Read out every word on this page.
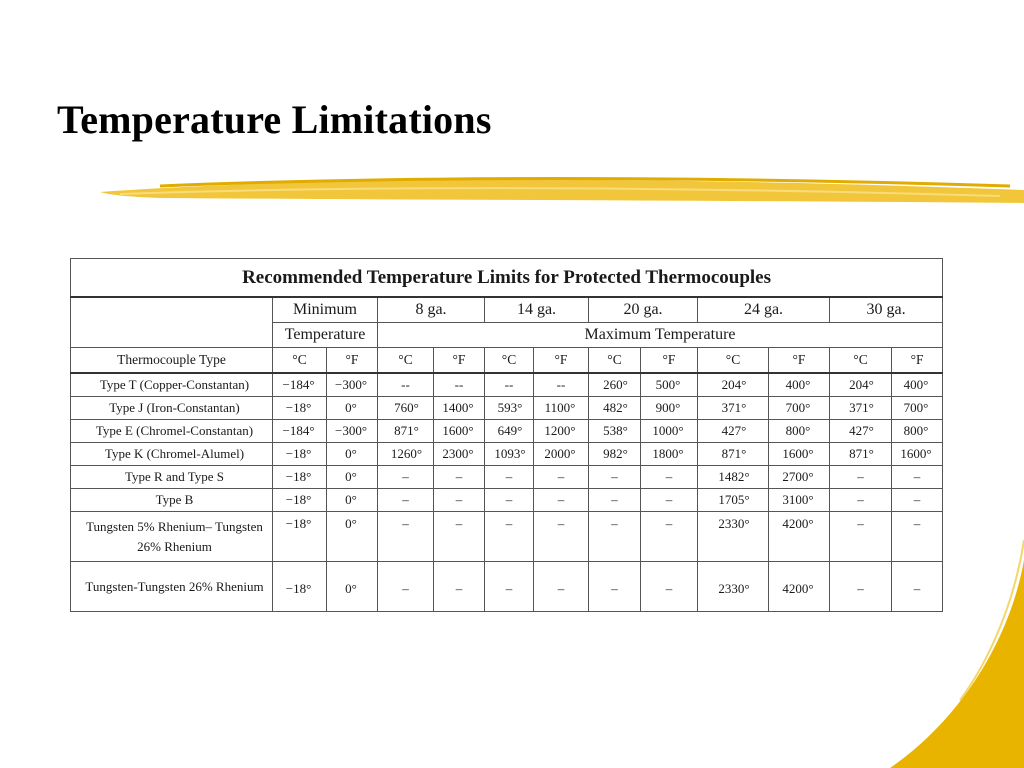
Temperature Limitations
Recommended Temperature Limits for Protected Thermocouples												
	Minimum		8 ga.		14 ga.		20 ga.		24 ga.		30 ga.	
	Temperature		Maximum Temperature									
Thermocouple Type	°C	°F	°C	°F	°C	°F	°C	°F	°C	°F	°C	°F
Type T (Copper-Constantan)	−184°	−300°	--	--	--	--	260°	500°	204°	400°	204°	400°
Type J (Iron-Constantan)	−18°	0°	760°	1400°	593°	1100°	482°	900°	371°	700°	371°	700°
Type E (Chromel-Constantan)	−184°	−300°	871°	1600°	649°	1200°	538°	1000°	427°	800°	427°	800°
Type K (Chromel-Alumel)	−18°	0°	1260°	2300°	1093°	2000°	982°	1800°	871°	1600°	871°	1600°
Type R and Type S	−18°	0°	–	–	–	–	–	–	1482°	2700°	–	–
Type B	−18°	0°	–	–	–	–	–	–	1705°	3100°	–	–
Tungsten 5% Rhenium– Tungsten 26% Rhenium	−18°	0°	–	–	–	–	–	–	2330°	4200°	–	–
Tungsten-Tungsten 26% Rhenium	−18°	0°	–	–	–	–	–	–	2330°	4200°	–	–
